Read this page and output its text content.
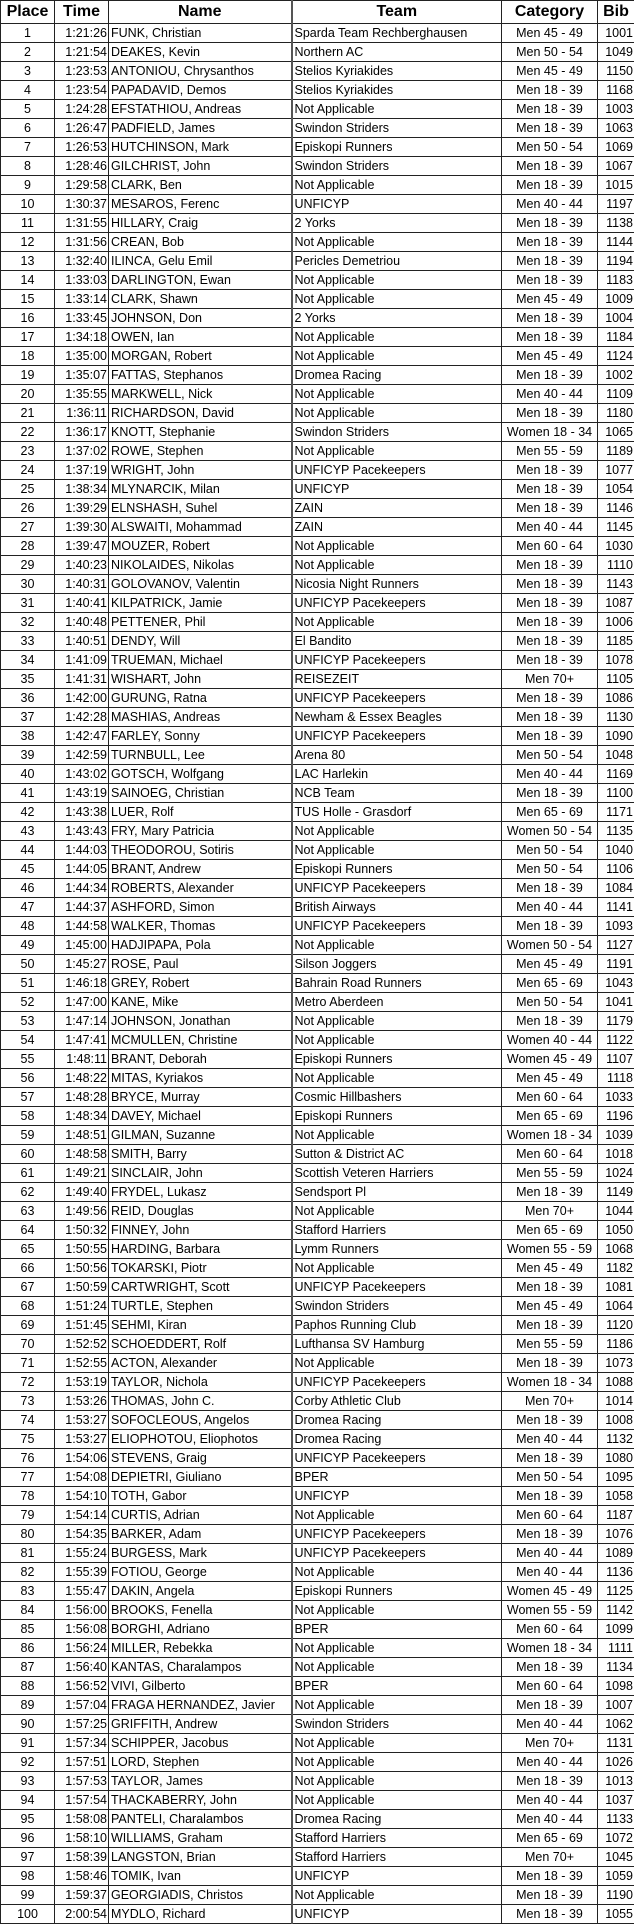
Place	Time	Name	Team	Category	Bib
1	1:21:26	FUNK, Christian	Sparda Team Rechberghausen	Men 45 - 49	1001
2	1:21:54	DEAKES, Kevin	Northern AC	Men 50 - 54	1049
3	1:23:53	ANTONIOU, Chrysanthos	Stelios Kyriakides	Men 45 - 49	1150
4	1:23:54	PAPADAVID, Demos	Stelios Kyriakides	Men 18 - 39	1168
5	1:24:28	EFSTATHIOU, Andreas	Not Applicable	Men 18 - 39	1003
6	1:26:47	PADFIELD, James	Swindon Striders	Men 18 - 39	1063
7	1:26:53	HUTCHINSON, Mark	Episkopi Runners	Men 50 - 54	1069
8	1:28:46	GILCHRIST, John	Swindon Striders	Men 18 - 39	1067
9	1:29:58	CLARK, Ben	Not Applicable	Men 18 - 39	1015
10	1:30:37	MESAROS, Ferenc	UNFICYP	Men 40 - 44	1197
11	1:31:55	HILLARY, Craig	2 Yorks	Men 18 - 39	1138
12	1:31:56	CREAN, Bob	Not Applicable	Men 18 - 39	1144
13	1:32:40	ILINCA, Gelu Emil	Pericles Demetriou	Men 18 - 39	1194
14	1:33:03	DARLINGTON, Ewan	Not Applicable	Men 18 - 39	1183
15	1:33:14	CLARK, Shawn	Not Applicable	Men 45 - 49	1009
16	1:33:45	JOHNSON, Don	2 Yorks	Men 18 - 39	1004
17	1:34:18	OWEN, Ian	Not Applicable	Men 18 - 39	1184
18	1:35:00	MORGAN, Robert	Not Applicable	Men 45 - 49	1124
19	1:35:07	FATTAS, Stephanos	Dromea Racing	Men 18 - 39	1002
20	1:35:55	MARKWELL, Nick	Not Applicable	Men 40 - 44	1109
21	1:36:11	RICHARDSON, David	Not Applicable	Men 18 - 39	1180
22	1:36:17	KNOTT, Stephanie	Swindon Striders	Women 18 - 34	1065
23	1:37:02	ROWE, Stephen	Not Applicable	Men 55 - 59	1189
24	1:37:19	WRIGHT, John	UNFICYP Pacekeepers	Men 18 - 39	1077
25	1:38:34	MLYNARCIK, Milan	UNFICYP	Men 18 - 39	1054
26	1:39:29	ELNSHASH, Suhel	ZAIN	Men 18 - 39	1146
27	1:39:30	ALSWAITI, Mohammad	ZAIN	Men 40 - 44	1145
28	1:39:47	MOUZER, Robert	Not Applicable	Men 60 - 64	1030
29	1:40:23	NIKOLAIDES, Nikolas	Not Applicable	Men 18 - 39	1110
30	1:40:31	GOLOVANOV, Valentin	Nicosia Night Runners	Men 18 - 39	1143
31	1:40:41	KILPATRICK, Jamie	UNFICYP Pacekeepers	Men 18 - 39	1087
32	1:40:48	PETTENER, Phil	Not Applicable	Men 18 - 39	1006
33	1:40:51	DENDY, Will	El Bandito	Men 18 - 39	1185
34	1:41:09	TRUEMAN, Michael	UNFICYP Pacekeepers	Men 18 - 39	1078
35	1:41:31	WISHART, John	REISEZEIT	Men 70+	1105
36	1:42:00	GURUNG, Ratna	UNFICYP Pacekeepers	Men 18 - 39	1086
37	1:42:28	MASHIAS, Andreas	Newham & Essex Beagles	Men 18 - 39	1130
38	1:42:47	FARLEY, Sonny	UNFICYP Pacekeepers	Men 18 - 39	1090
39	1:42:59	TURNBULL, Lee	Arena 80	Men 50 - 54	1048
40	1:43:02	GOTSCH, Wolfgang	LAC Harlekin	Men 40 - 44	1169
41	1:43:19	SAINOEG, Christian	NCB Team	Men 18 - 39	1100
42	1:43:38	LUER, Rolf	TUS Holle - Grasdorf	Men 65 - 69	1171
43	1:43:43	FRY, Mary Patricia	Not Applicable	Women 50 - 54	1135
44	1:44:03	THEODOROU, Sotiris	Not Applicable	Men 50 - 54	1040
45	1:44:05	BRANT, Andrew	Episkopi Runners	Men 50 - 54	1106
46	1:44:34	ROBERTS, Alexander	UNFICYP Pacekeepers	Men 18 - 39	1084
47	1:44:37	ASHFORD, Simon	British Airways	Men 40 - 44	1141
48	1:44:58	WALKER, Thomas	UNFICYP Pacekeepers	Men 18 - 39	1093
49	1:45:00	HADJIPAPA, Pola	Not Applicable	Women 50 - 54	1127
50	1:45:27	ROSE, Paul	Silson Joggers	Men 45 - 49	1191
51	1:46:18	GREY, Robert	Bahrain Road Runners	Men 65 - 69	1043
52	1:47:00	KANE, Mike	Metro Aberdeen	Men 50 - 54	1041
53	1:47:14	JOHNSON, Jonathan	Not Applicable	Men 18 - 39	1179
54	1:47:41	MCMULLEN, Christine	Not Applicable	Women 40 - 44	1122
55	1:48:11	BRANT, Deborah	Episkopi Runners	Women 45 - 49	1107
56	1:48:22	MITAS, Kyriakos	Not Applicable	Men 45 - 49	1118
57	1:48:28	BRYCE, Murray	Cosmic Hillbashers	Men 60 - 64	1033
58	1:48:34	DAVEY, Michael	Episkopi Runners	Men 65 - 69	1196
59	1:48:51	GILMAN, Suzanne	Not Applicable	Women 18 - 34	1039
60	1:48:58	SMITH, Barry	Sutton & District AC	Men 60 - 64	1018
61	1:49:21	SINCLAIR, John	Scottish Veteren Harriers	Men 55 - 59	1024
62	1:49:40	FRYDEL, Lukasz	Sendsport Pl	Men 18 - 39	1149
63	1:49:56	REID, Douglas	Not Applicable	Men 70+	1044
64	1:50:32	FINNEY, John	Stafford Harriers	Men 65 - 69	1050
65	1:50:55	HARDING, Barbara	Lymm Runners	Women 55 - 59	1068
66	1:50:56	TOKARSKI, Piotr	Not Applicable	Men 45 - 49	1182
67	1:50:59	CARTWRIGHT, Scott	UNFICYP Pacekeepers	Men 18 - 39	1081
68	1:51:24	TURTLE, Stephen	Swindon Striders	Men 45 - 49	1064
69	1:51:45	SEHMI, Kiran	Paphos Running Club	Men 18 - 39	1120
70	1:52:52	SCHOEDDERT, Rolf	Lufthansa SV Hamburg	Men 55 - 59	1186
71	1:52:55	ACTON, Alexander	Not Applicable	Men 18 - 39	1073
72	1:53:19	TAYLOR, Nichola	UNFICYP Pacekeepers	Women 18 - 34	1088
73	1:53:26	THOMAS, John C.	Corby Athletic Club	Men 70+	1014
74	1:53:27	SOFOCLEOUS, Angelos	Dromea Racing	Men 18 - 39	1008
75	1:53:27	ELIOPHOTOU, Eliophotos	Dromea Racing	Men 40 - 44	1132
76	1:54:06	STEVENS, Graig	UNFICYP Pacekeepers	Men 18 - 39	1080
77	1:54:08	DEPIETRI, Giuliano	BPER	Men 50 - 54	1095
78	1:54:10	TOTH, Gabor	UNFICYP	Men 18 - 39	1058
79	1:54:14	CURTIS, Adrian	Not Applicable	Men 60 - 64	1187
80	1:54:35	BARKER, Adam	UNFICYP Pacekeepers	Men 18 - 39	1076
81	1:55:24	BURGESS, Mark	UNFICYP Pacekeepers	Men 40 - 44	1089
82	1:55:39	FOTIOU, George	Not Applicable	Men 40 - 44	1136
83	1:55:47	DAKIN, Angela	Episkopi Runners	Women 45 - 49	1125
84	1:56:00	BROOKS, Fenella	Not Applicable	Women 55 - 59	1142
85	1:56:08	BORGHI, Adriano	BPER	Men 60 - 64	1099
86	1:56:24	MILLER, Rebekka	Not Applicable	Women 18 - 34	1111
87	1:56:40	KANTAS, Charalampos	Not Applicable	Men 18 - 39	1134
88	1:56:52	VIVI, Gilberto	BPER	Men 60 - 64	1098
89	1:57:04	FRAGA HERNANDEZ, Javier	Not Applicable	Men 18 - 39	1007
90	1:57:25	GRIFFITH, Andrew	Swindon Striders	Men 40 - 44	1062
91	1:57:34	SCHIPPER, Jacobus	Not Applicable	Men 70+	1131
92	1:57:51	LORD, Stephen	Not Applicable	Men 40 - 44	1026
93	1:57:53	TAYLOR, James	Not Applicable	Men 18 - 39	1013
94	1:57:54	THACKABERRY, John	Not Applicable	Men 40 - 44	1037
95	1:58:08	PANTELI, Charalambos	Dromea Racing	Men 40 - 44	1133
96	1:58:10	WILLIAMS, Graham	Stafford Harriers	Men 65 - 69	1072
97	1:58:39	LANGSTON, Brian	Stafford Harriers	Men 70+	1045
98	1:58:46	TOMIK, Ivan	UNFICYP	Men 18 - 39	1059
99	1:59:37	GEORGIADIS, Christos	Not Applicable	Men 18 - 39	1190
100	2:00:54	MYDLO, Richard	UNFICYP	Men 18 - 39	1055
